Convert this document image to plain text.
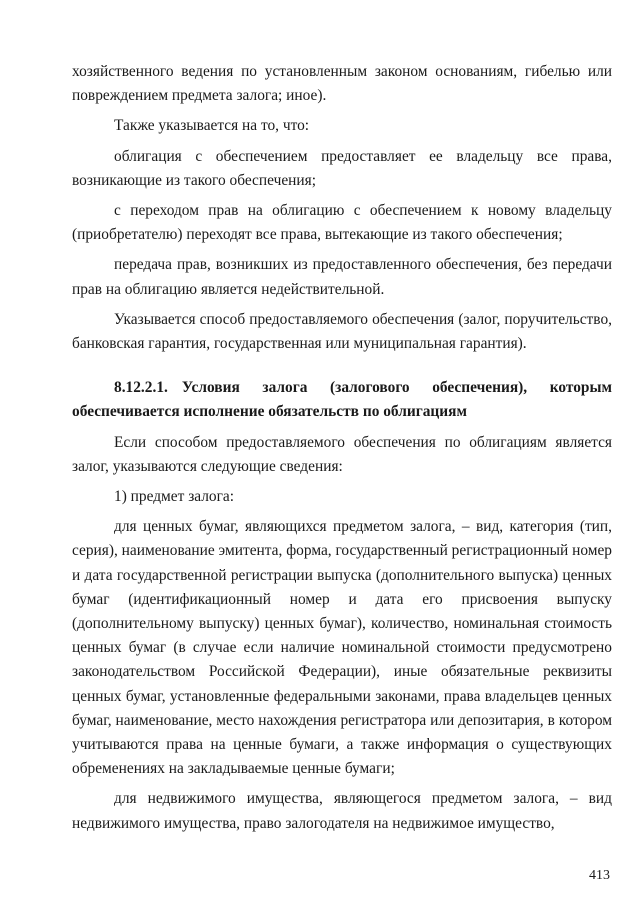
хозяйственного ведения по установленным законом основаниям, гибелью или повреждением предмета залога; иное).

Также указывается на то, что:

облигация с обеспечением предоставляет ее владельцу все права, возникающие из такого обеспечения;

с переходом прав на облигацию с обеспечением к новому владельцу (приобретателю) переходят все права, вытекающие из такого обеспечения;

передача прав, возникших из предоставленного обеспечения, без передачи прав на облигацию является недействительной.

Указывается способ предоставляемого обеспечения (залог, поручительство, банковская гарантия, государственная или муниципальная гарантия).

8.12.2.1. Условия залога (залогового обеспечения), которым обеспечивается исполнение обязательств по облигациям

Если способом предоставляемого обеспечения по облигациям является залог, указываются следующие сведения:

1) предмет залога:

для ценных бумаг, являющихся предметом залога, – вид, категория (тип, серия), наименование эмитента, форма, государственный регистрационный номер и дата государственной регистрации выпуска (дополнительного выпуска) ценных бумаг (идентификационный номер и дата его присвоения выпуску (дополнительному выпуску) ценных бумаг), количество, номинальная стоимость ценных бумаг (в случае если наличие номинальной стоимости предусмотрено законодательством Российской Федерации), иные обязательные реквизиты ценных бумаг, установленные федеральными законами, права владельцев ценных бумаг, наименование, место нахождения регистратора или депозитария, в котором учитываются права на ценные бумаги, а также информация о существующих обременениях на закладываемые ценные бумаги;

для недвижимого имущества, являющегося предметом залога, – вид недвижимого имущества, право залогодателя на недвижимое имущество,

413
